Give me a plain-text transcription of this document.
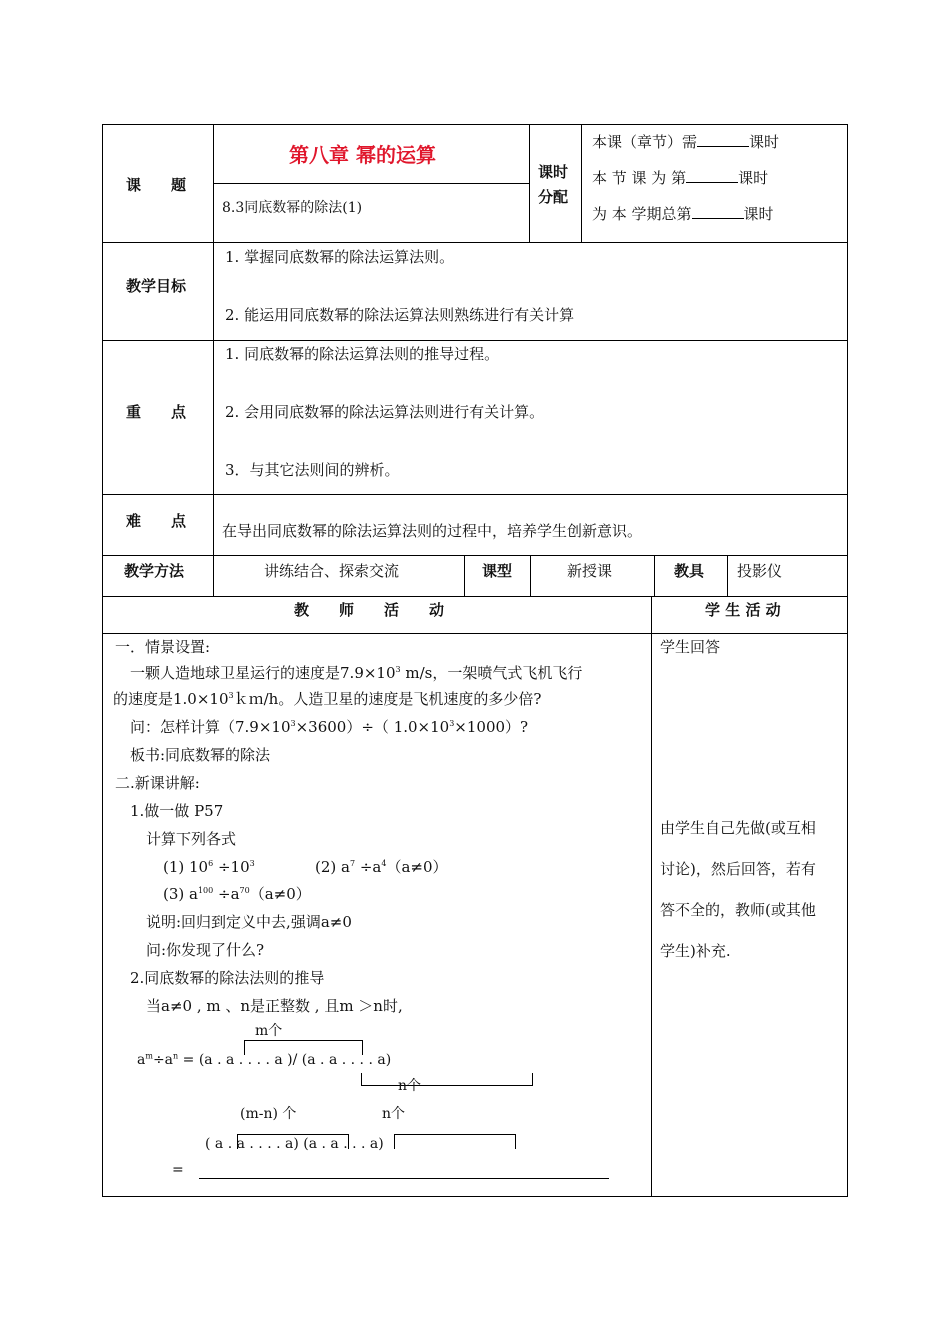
课　　题
第八章 幂的运算
8.3同底数幂的除法(1)
课时
分配
本课（章节）需	课时
本 节 课 为 第	课时
为 本 学期总第	课时
教学目标
1. 掌握同底数幂的除法运算法则。
2. 能运用同底数幂的除法运算法则熟练进行有关计算
重　　点
1. 同底数幂的除法运算法则的推导过程。
2. 会用同底数幂的除法运算法则进行有关计算。
3．与其它法则间的辨析。
难　　点
在导出同底数幂的除法运算法则的过程中，培养学生创新意识。
教学方法	讲练结合、探索交流	课型	新授课	教具 投影仪
教　　师　　活　　动	学 生 活 动
一．情景设置:
一颗人造地球卫星运行的速度是$7.9\times 10^3$ m/s，一架喷气式飞机飞行
的速度是$1.0\times 10^3km/h$。人造卫星的速度是飞机速度的多少倍?
问：怎样计算$(7.9\times 10^3\times 3600)\div$（ $1.0\times 10^3\times 1000$）?
板书:同底数幂的除法
二.新课讲解:
1.做一做 P57
计算下列各式
(1) $10^6 \div 10^3$	(2) $a^7 \div a^4(a\ne 0)$
(3) $a^{100} \div a^{70}(a\ne 0)$
说明:回归到定义中去,强调a≠0
问:你发现了什么?
2.同底数幂的除法法则的推导
当a≠0 , m 、n是正整数 , 且m ＞n时,
m个
$a^m\div a^n = (a$ . a . . . . a )/ (a . a . . . . a)
n个
(m-n) 个	n个
( a . a . . . . a) (a . a . . . a)
=
学生回答
由学生自己先做(或互相
讨论)，然后回答，若有
答不全的，教师(或其他
学生)补充.
